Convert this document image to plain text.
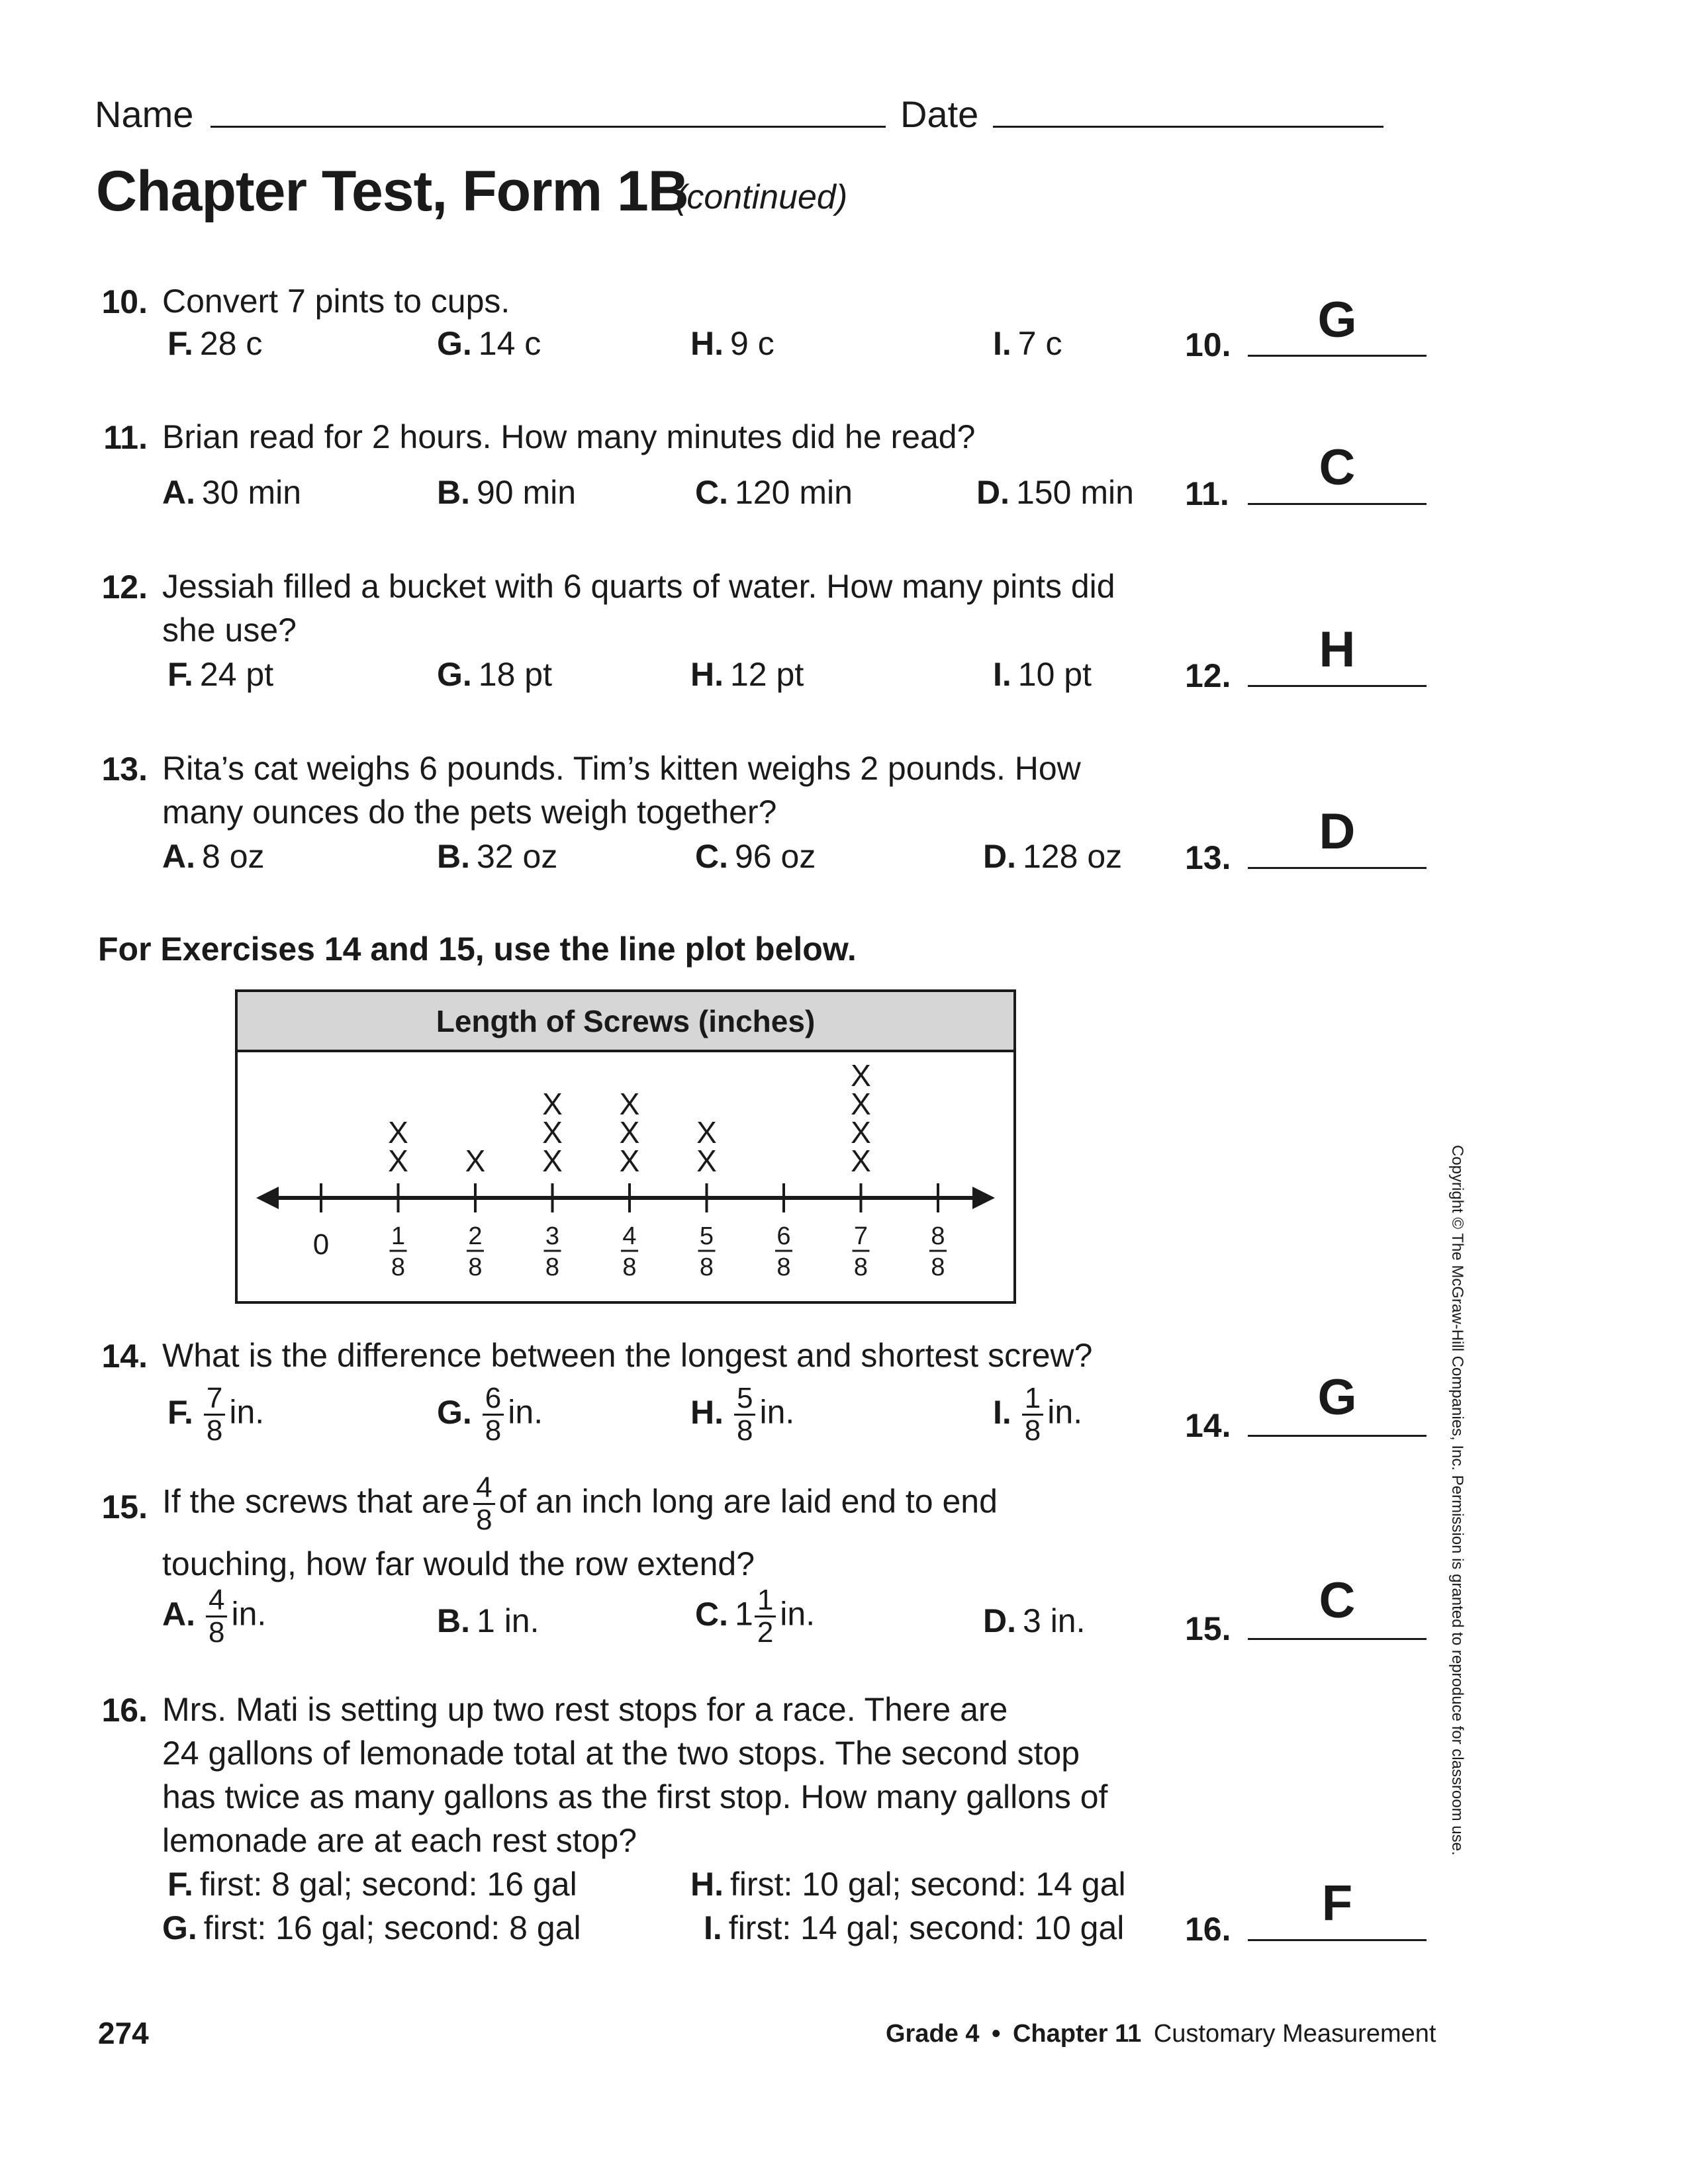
Name	Date
Chapter Test, Form 1B
(continued)
10. Convert 7 pints to cups.
F. 28 c	G. 14 c	H. 9 c	I. 7 c	10.	G
11. Brian read for 2 hours. How many minutes did he read?
A. 30 min	B. 90 min	C. 120 min	D. 150 min 11.	C
12. Jessiah filled a bucket with 6 quarts of water. How many pints did
she use?
F. 24 pt	G. 18 pt	H. 12 pt	I. 10 pt	12.	H
13. Rita’s cat weighs 6 pounds. Tim’s kitten weighs 2 pounds. How
many ounces do the pets weigh together?
A. 8 oz	B. 32 oz	C. 96 oz	D. 128 oz 13.	D
For Exercises 14 and 15, use the line plot below.
Length of Screws (inches)
X
X
X X
X
X
X
X
X
X
X
X
X
X
X
0 1
8
2
8
3
8
4
8
5
8
6
8
7
8
8
8
14. What is the difference between the longest and shortest screw?
F. $\frac{7}{8}$ in.	G. $\frac{6}{8}$ in.	H. $\frac{5}{8}$ in.	I. $\frac{1}{8}$ in.	14.	G
15. If the screws that are $\frac{4}{8}$ of an inch long are laid end to end
touching, how far would the row extend?
A. $\frac{4}{8}$ in.	B. 1 in.	C. $1 \frac{1}{2}$ in.	D. 3 in.	15.	C
16. Mrs. Mati is setting up two rest stops for a race. There are
24 gallons of lemonade total at the two stops. The second stop
has twice as many gallons as the first stop. How many gallons of
lemonade are at each rest stop?
F. first: 8 gal; second: 16 gal	H. first: 10 gal; second: 14 gal
G. first: 16 gal; second: 8 gal	I. first: 14 gal; second: 10 gal 16.	F
Copyright © The McGraw-Hill Companies, Inc. Permission is granted to reproduce for classroom use.
274	Grade 4 • Chapter 11 Customary Measurement
